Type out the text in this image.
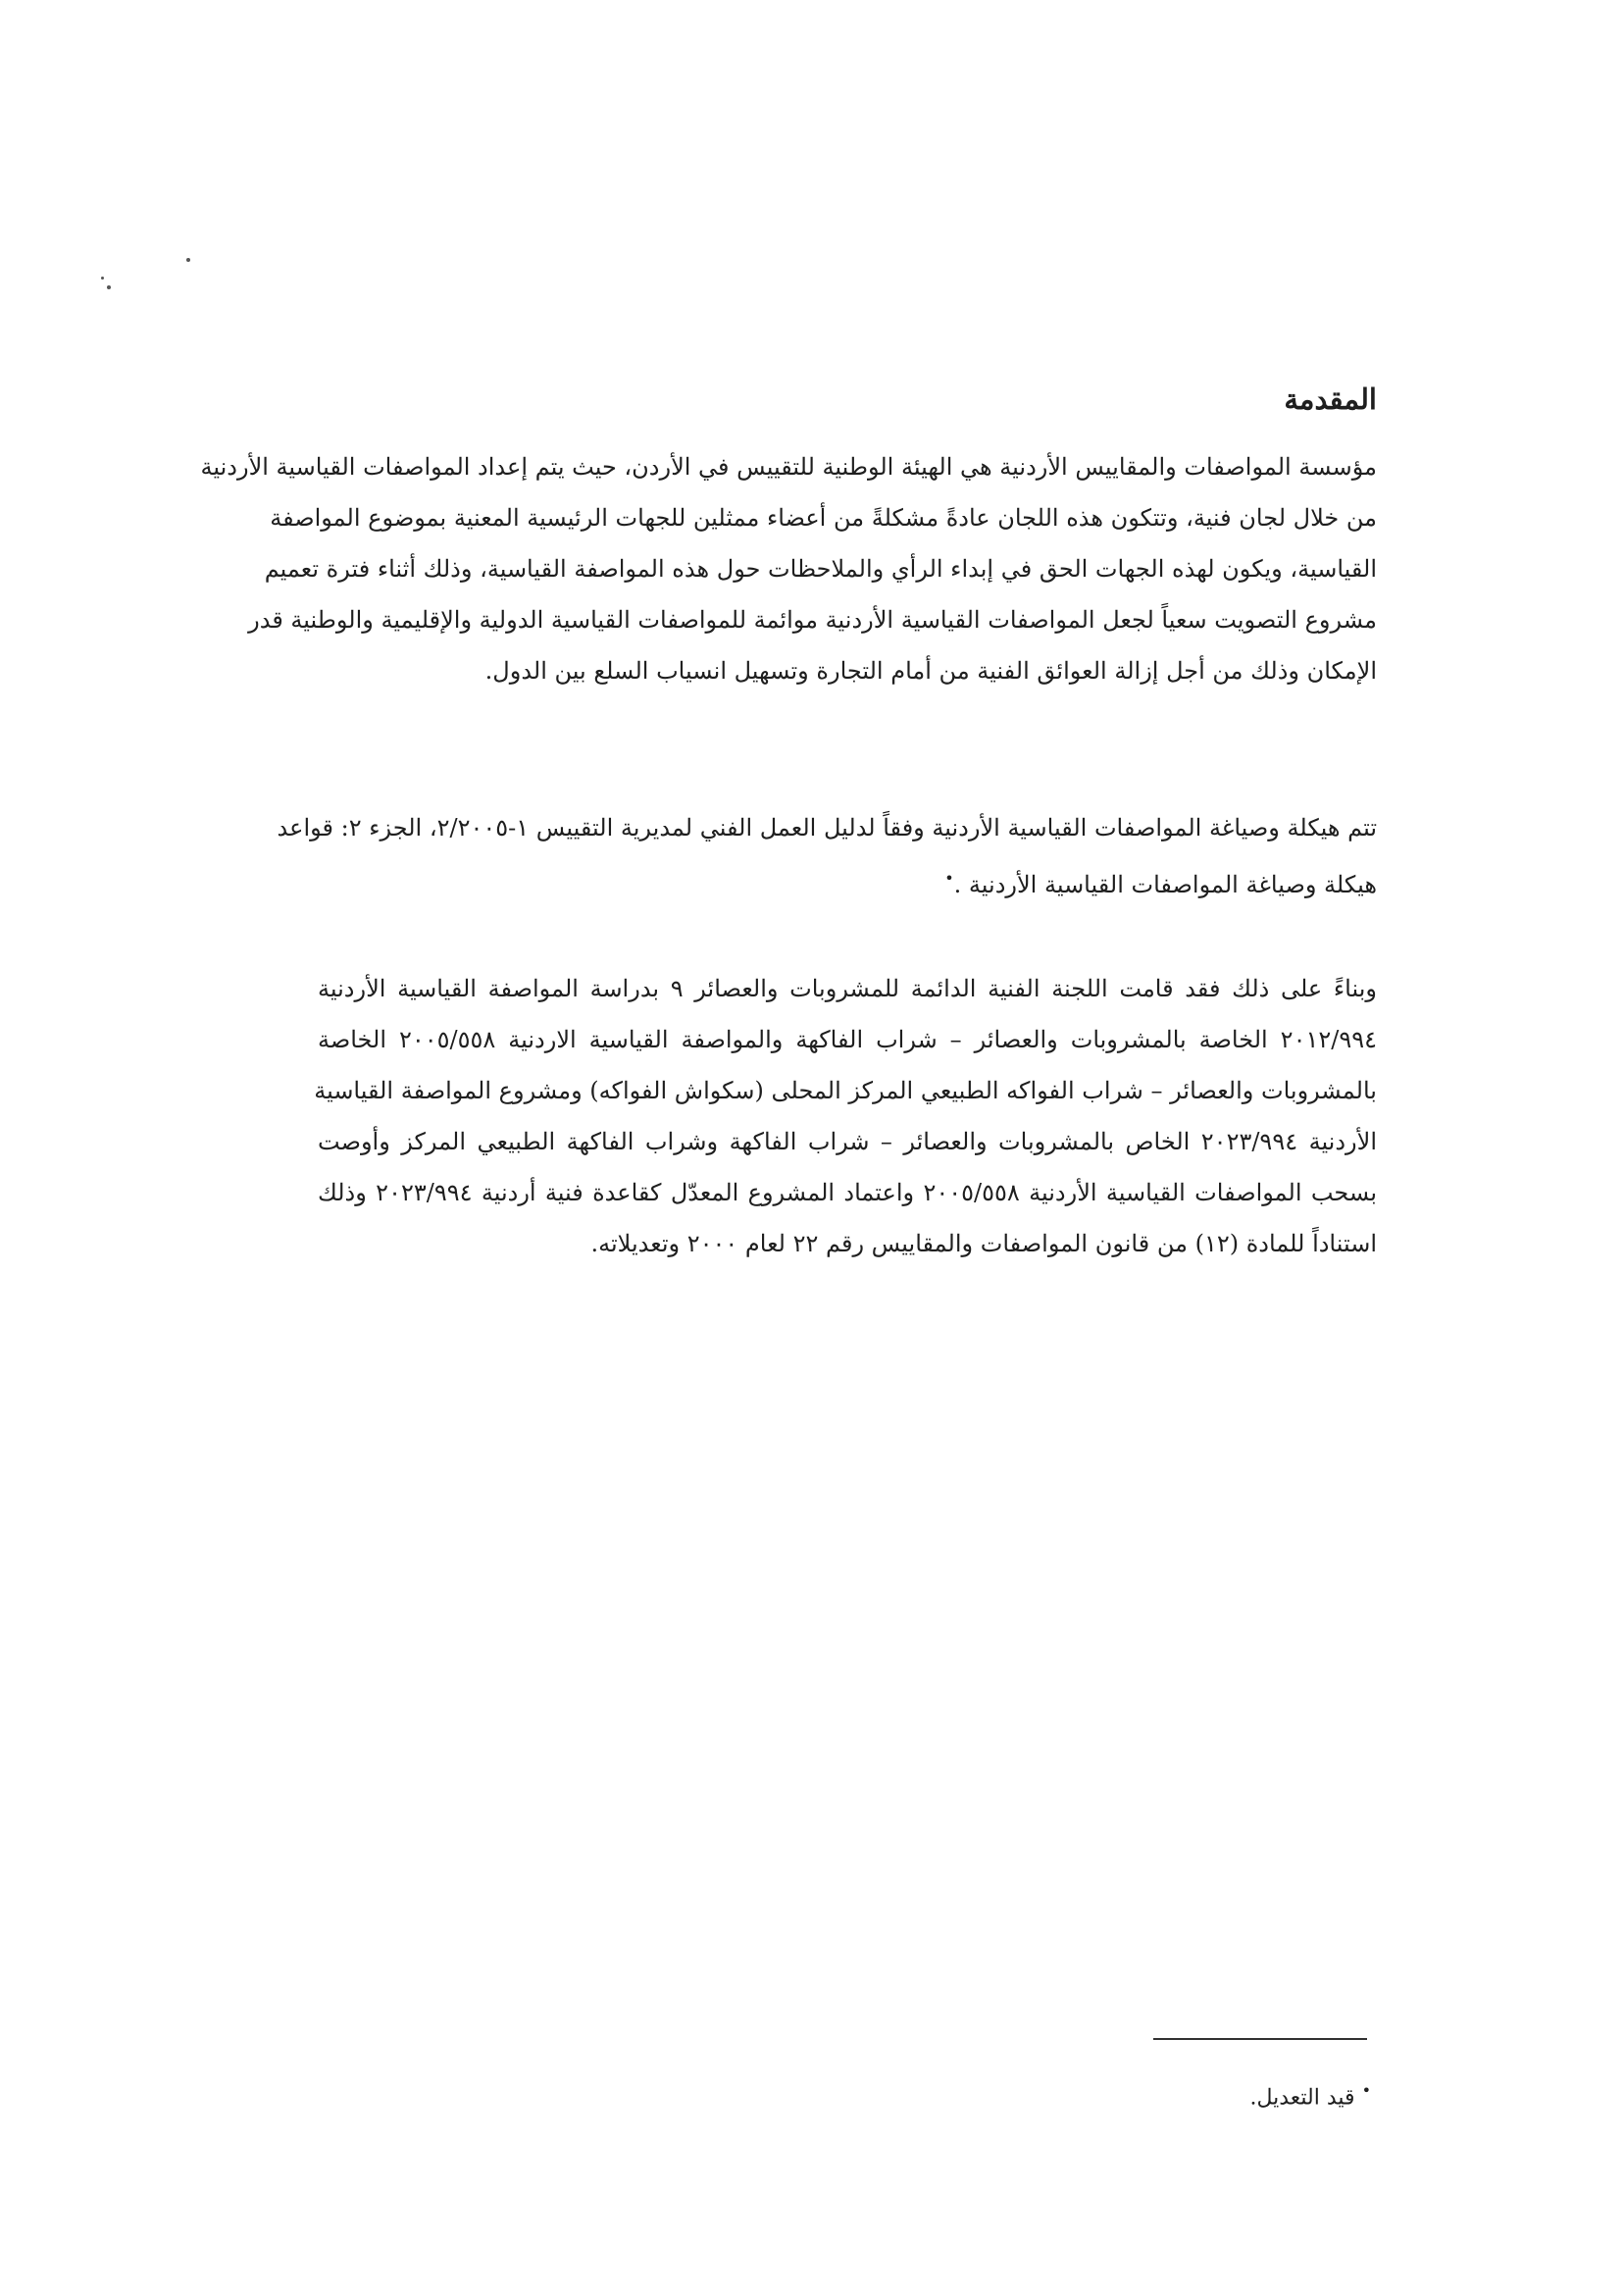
المقدمة
مؤسسة المواصفات والمقاييس الأردنية هي الهيئة الوطنية للتقييس في الأردن، حيث يتم إعداد المواصفات القياسية الأردنية
من خلال لجان فنية، وتتكون هذه اللجان عادةً مشكلةً من أعضاء ممثلين للجهات الرئيسية المعنية بموضوع المواصفة
القياسية، ويكون لهذه الجهات الحق في إبداء الرأي والملاحظات حول هذه المواصفة القياسية، وذلك أثناء فترة تعميم
مشروع التصويت سعياً لجعل المواصفات القياسية الأردنية موائمة للمواصفات القياسية الدولية والإقليمية والوطنية قدر
الإمكان وذلك من أجل إزالة العوائق الفنية من أمام التجارة وتسهيل انسياب السلع بين الدول.
تتم هيكلة وصياغة المواصفات القياسية الأردنية وفقاً لدليل العمل الفني لمديرية التقييس ١-٢/٢٠٠٥، الجزء ٢: قواعد
هيكلة وصياغة المواصفات القياسية الأردنية .•
وبناءً على ذلك فقد قامت اللجنة الفنية الدائمة للمشروبات والعصائر ٩ بدراسة المواصفة القياسية الأردنية
٢٠١٢/٩٩٤ الخاصة بالمشروبات والعصائر – شراب الفاكهة والمواصفة القياسية الاردنية ٢٠٠٥/٥٥٨ الخاصة
بالمشروبات والعصائر – شراب الفواكه الطبيعي المركز المحلى (سكواش الفواكه) ومشروع المواصفة القياسية
الأردنية ٢٠٢٣/٩٩٤ الخاص بالمشروبات والعصائر – شراب الفاكهة وشراب الفاكهة الطبيعي المركز وأوصت
بسحب المواصفات القياسية الأردنية ٢٠٠٥/٥٥٨ واعتماد المشروع المعدّل كقاعدة فنية أردنية ٢٠٢٣/٩٩٤ وذلك
استناداً للمادة (١٢) من قانون المواصفات والمقاييس رقم ٢٢ لعام ٢٠٠٠ وتعديلاته.
• قيد التعديل.
